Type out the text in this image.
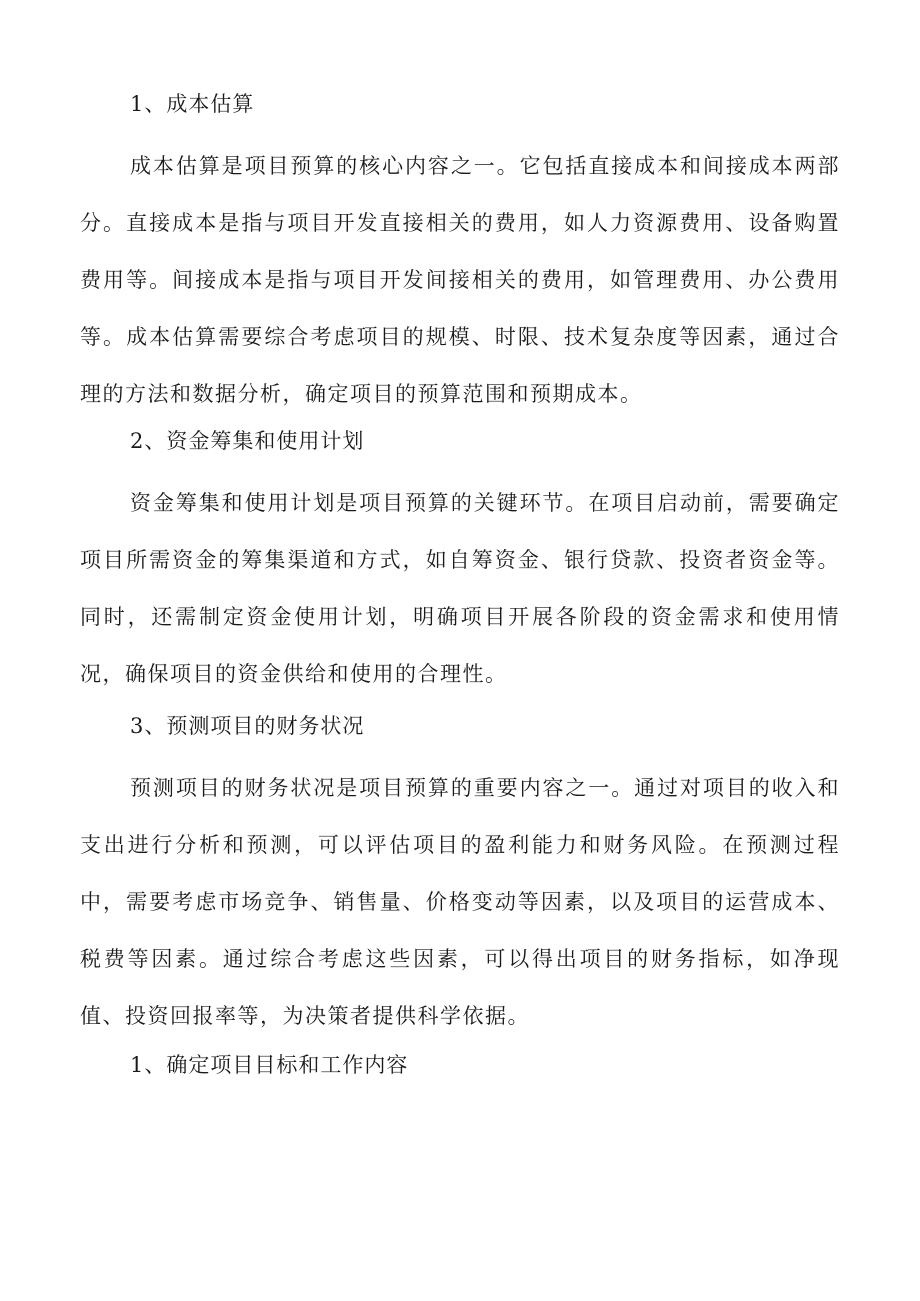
1、成本估算

成本估算是项目预算的核心内容之一。它包括直接成本和间接成本两部分。直接成本是指与项目开发直接相关的费用，如人力资源费用、设备购置费用等。间接成本是指与项目开发间接相关的费用，如管理费用、办公费用等。成本估算需要综合考虑项目的规模、时限、技术复杂度等因素，通过合理的方法和数据分析，确定项目的预算范围和预期成本。

2、资金筹集和使用计划

资金筹集和使用计划是项目预算的关键环节。在项目启动前，需要确定项目所需资金的筹集渠道和方式，如自筹资金、银行贷款、投资者资金等。同时，还需制定资金使用计划，明确项目开展各阶段的资金需求和使用情况，确保项目的资金供给和使用的合理性。

3、预测项目的财务状况

预测项目的财务状况是项目预算的重要内容之一。通过对项目的收入和支出进行分析和预测，可以评估项目的盈利能力和财务风险。在预测过程中，需要考虑市场竞争、销售量、价格变动等因素，以及项目的运营成本、税费等因素。通过综合考虑这些因素，可以得出项目的财务指标，如净现值、投资回报率等，为决策者提供科学依据。

1、确定项目目标和工作内容
